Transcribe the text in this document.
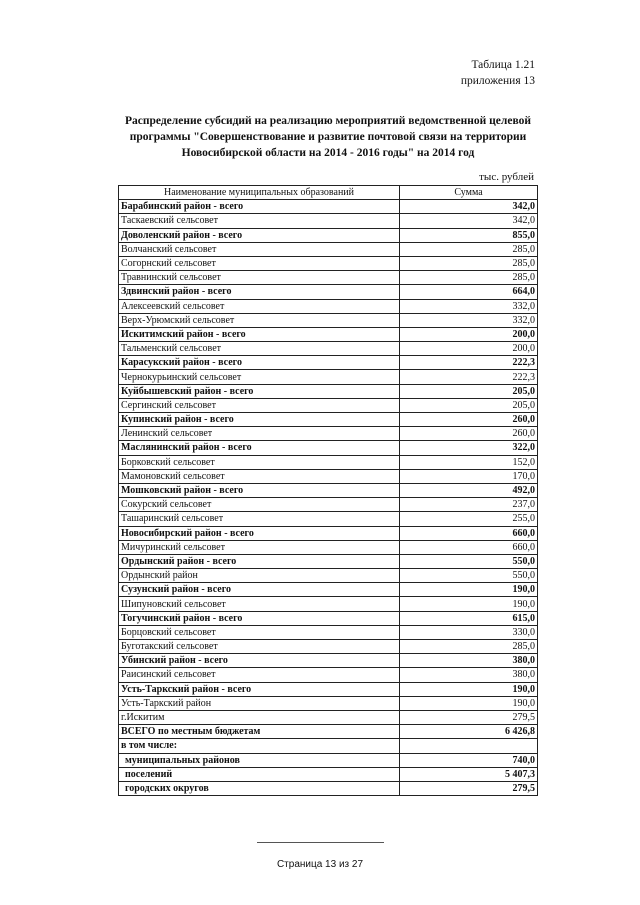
Таблица 1.21
приложения 13
Распределение субсидий на реализацию мероприятий ведомственной целевой
программы "Совершенствование и развитие почтовой связи на территории
Новосибирской области на 2014 - 2016 годы" на 2014 год
тыс. рублей
Наименование муниципальных образований	Сумма
Барабинский район - всего	342,0
Таскаевский сельсовет	342,0
Доволенский район - всего	855,0
Волчанский сельсовет	285,0
Согорнский сельсовет	285,0
Травнинский сельсовет	285,0
Здвинский район - всего	664,0
Алексеевский сельсовет	332,0
Верх-Урюмский сельсовет	332,0
Искитимский район - всего	200,0
Тальменский сельсовет	200,0
Карасукский район - всего	222,3
Чернокурьинский сельсовет	222,3
Куйбышевский район - всего	205,0
Сергинский сельсовет	205,0
Купинский район - всего	260,0
Ленинский сельсовет	260,0
Маслянинский район - всего	322,0
Борковский сельсовет	152,0
Мамоновский сельсовет	170,0
Мошковский район - всего	492,0
Сокурский сельсовет	237,0
Ташаринский сельсовет	255,0
Новосибирский район - всего	660,0
Мичуринский сельсовет	660,0
Ордынский район - всего	550,0
Ордынский район	550,0
Сузунский район - всего	190,0
Шипуновский сельсовет	190,0
Тогучинский район - всего	615,0
Борцовский сельсовет	330,0
Буготакский сельсовет	285,0
Убинский район - всего	380,0
Раисинский сельсовет	380,0
Усть-Таркский район - всего	190,0
Усть-Таркский район	190,0
г.Искитим	279,5
ВСЕГО по местным бюджетам	6 426,8
в том числе:	
муниципальных районов	740,0
поселений	5 407,3
городских округов	279,5
Страница 13 из 27
